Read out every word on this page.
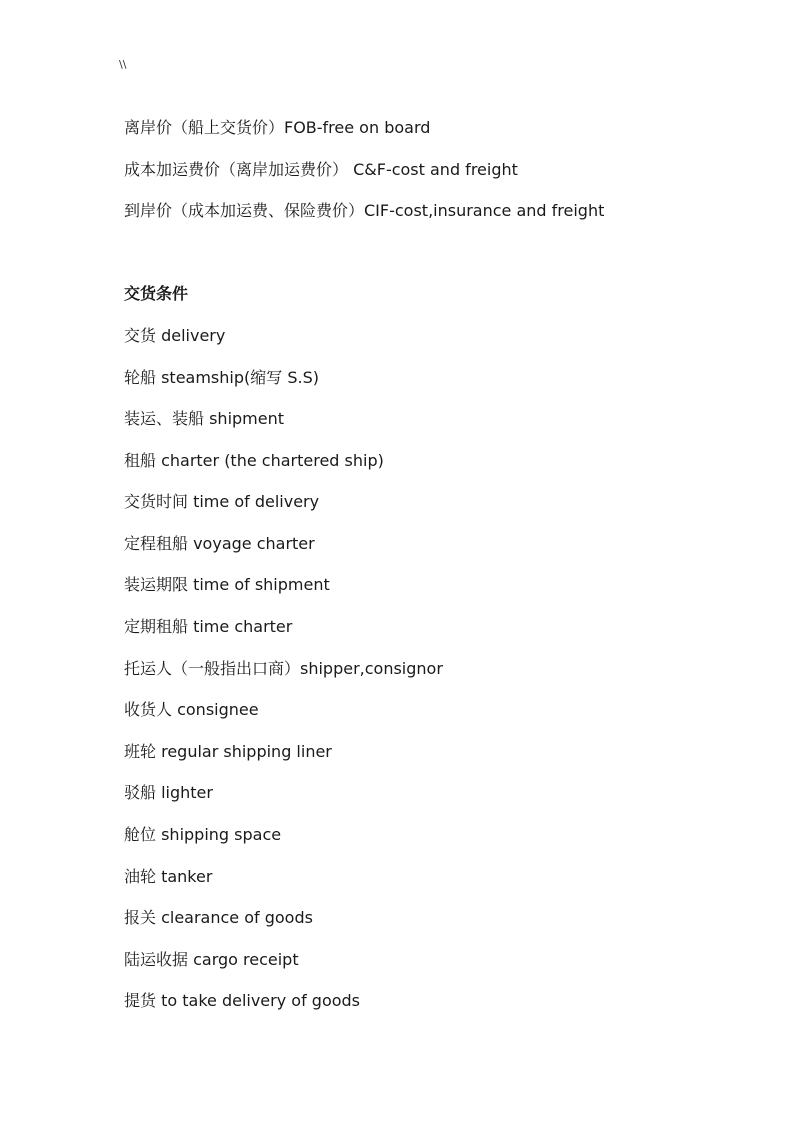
\\
离岸价（船上交货价）FOB-free on board
成本加运费价（离岸加运费价） C&F-cost and freight
到岸价（成本加运费、保险费价）CIF-cost,insurance and freight
交货条件
交货 delivery
轮船 steamship(缩写 S.S)
装运、装船 shipment
租船 charter (the chartered ship)
交货时间 time of delivery
定程租船 voyage charter
装运期限 time of shipment
定期租船 time charter
托运人（一般指出口商）shipper,consignor
收货人 consignee
班轮 regular shipping liner
驳船 lighter
舱位 shipping space
油轮 tanker
报关 clearance of goods
陆运收据 cargo receipt
提货 to take delivery of goods
